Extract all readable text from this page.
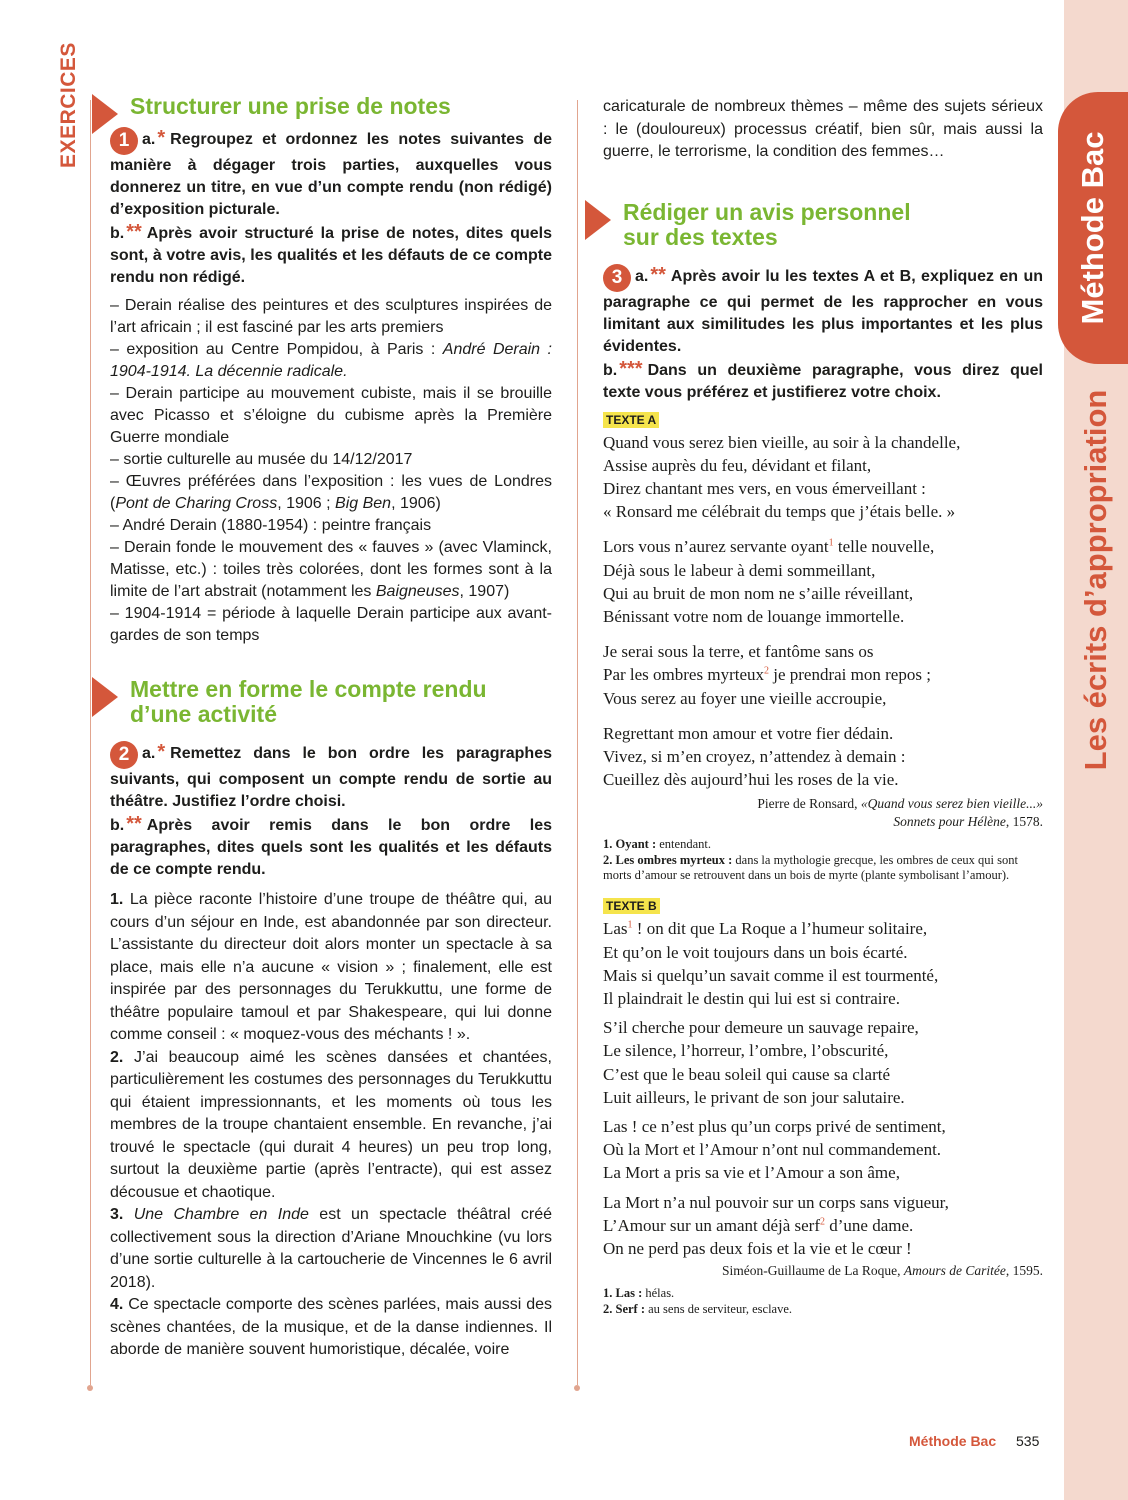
Méthode Bac
Les écrits d’appropriation
EXERCICES Structurer une prise de notes
1 a. * Regroupez et ordonnez les notes suivantes de manière à dégager trois parties, auxquelles vous donnerez un titre, en vue d’un compte rendu (non rédigé) d’exposition picturale.
b. ** Après avoir structuré la prise de notes, dites quels sont, à votre avis, les qualités et les défauts de ce compte rendu non rédigé.
– Derain réalise des peintures et des sculptures inspirées de l’art africain ; il est fasciné par les arts premiers
– exposition au Centre Pompidou, à Paris : André Derain : 1904-1914. La décennie radicale.
– Derain participe au mouvement cubiste, mais il se brouille avec Picasso et s’éloigne du cubisme après la Première Guerre mondiale
– sortie culturelle au musée du 14/12/2017
– Œuvres préférées dans l’exposition : les vues de Londres (Pont de Charing Cross, 1906 ; Big Ben, 1906)
– André Derain (1880-1954) : peintre français
– Derain fonde le mouvement des « fauves » (avec Vlaminck, Matisse, etc.) : toiles très colorées, dont les formes sont à la limite de l’art abstrait (notamment les Baigneuses, 1907)
– 1904-1914 = période à laquelle Derain participe aux avant-gardes de son temps
Mettre en forme le compte rendu
d’une activité
2 a. * Remettez dans le bon ordre les paragraphes suivants, qui composent un compte rendu de sortie au théâtre. Justifiez l’ordre choisi.
b. ** Après avoir remis dans le bon ordre les paragraphes, dites quels sont les qualités et les défauts de ce compte rendu.
1. La pièce raconte l’histoire d’une troupe de théâtre qui, au cours d’un séjour en Inde, est abandonnée par son directeur. L’assistante du directeur doit alors monter un spectacle à sa place, mais elle n’a aucune « vision » ; finalement, elle est inspirée par des personnages du Terukkuttu, une forme de théâtre populaire tamoul et par Shakespeare, qui lui donne comme conseil : « moquez-vous des méchants ! ».
2. J’ai beaucoup aimé les scènes dansées et chantées, particulièrement les costumes des personnages du Terukkuttu qui étaient impressionnants, et les moments où tous les membres de la troupe chantaient ensemble. En revanche, j’ai trouvé le spectacle (qui durait 4 heures) un peu trop long, surtout la deuxième partie (après l’entracte), qui est assez décousue et chaotique.
3. Une Chambre en Inde est un spectacle théâtral créé collectivement sous la direction d’Ariane Mnouchkine (vu lors d’une sortie culturelle à la cartoucherie de Vincennes le 6 avril 2018).
4. Ce spectacle comporte des scènes parlées, mais aussi des scènes chantées, de la musique, et de la danse indiennes. Il aborde de manière souvent humoristique, décalée, voire
caricaturale de nombreux thèmes – même des sujets sérieux : le (douloureux) processus créatif, bien sûr, mais aussi la guerre, le terrorisme, la condition des femmes…
Rédiger un avis personnel
sur des textes
3 a. ** Après avoir lu les textes A et B, expliquez en un paragraphe ce qui permet de les rapprocher en vous limitant aux similitudes les plus importantes et les plus évidentes.
b. *** Dans un deuxième paragraphe, vous direz quel texte vous préférez et justifierez votre choix.
TEXTE A
Quand vous serez bien vieille, au soir à la chandelle,
Assise auprès du feu, dévidant et filant,
Direz chantant mes vers, en vous émerveillant :
« Ronsard me célébrait du temps que j’étais belle. »
Lors vous n’aurez servante oyant$^1$ telle nouvelle,
Déjà sous le labeur à demi sommeillant,
Qui au bruit de mon nom ne s’aille réveillant,
Bénissant votre nom de louange immortelle.
Je serai sous la terre, et fantôme sans os
Par les ombres myrteux$^2$ je prendrai mon repos ;
Vous serez au foyer une vieille accroupie,
Regrettant mon amour et votre fier dédain.
Vivez, si m’en croyez, n’attendez à demain :
Cueillez dès aujourd’hui les roses de la vie.
Pierre de Ronsard, «Quand vous serez bien vieille...»
Sonnets pour Hélène, 1578.
1. Oyant : entendant.
2. Les ombres myrteux : dans la mythologie grecque, les ombres de ceux qui sont morts d’amour se retrouvent dans un bois de myrte (plante symbolisant l’amour).
TEXTE B
Las$^1$ ! on dit que La Roque a l’humeur solitaire,
Et qu’on le voit toujours dans un bois écarté.
Mais si quelqu’un savait comme il est tourmenté,
Il plaindrait le destin qui lui est si contraire.
S’il cherche pour demeure un sauvage repaire,
Le silence, l’horreur, l’ombre, l’obscurité,
C’est que le beau soleil qui cause sa clarté
Luit ailleurs, le privant de son jour salutaire.
Las ! ce n’est plus qu’un corps privé de sentiment,
Où la Mort et l’Amour n’ont nul commandement.
La Mort a pris sa vie et l’Amour a son âme,
La Mort n’a nul pouvoir sur un corps sans vigueur,
L’Amour sur un amant déjà serf$^2$ d’une dame.
On ne perd pas deux fois et la vie et le cœur !
Siméon-Guillaume de La Roque, Amours de Caritée, 1595.
1. Las : hélas.
2. Serf : au sens de serviteur, esclave.
Méthode Bac 535
